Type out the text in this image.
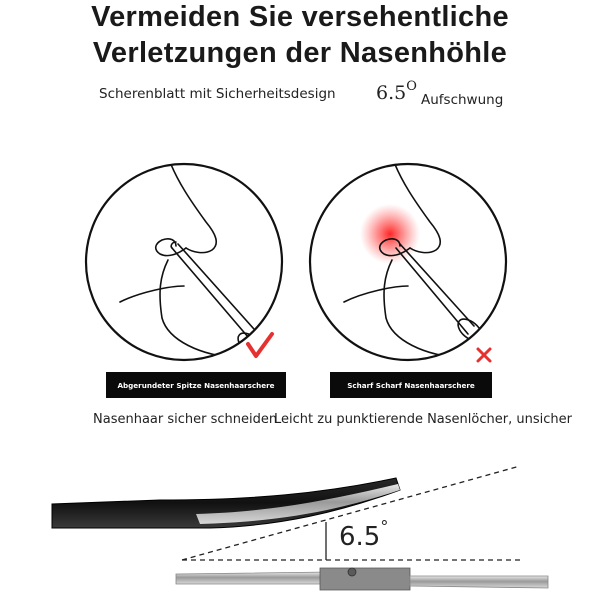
Vermeiden Sie versehentliche
Verletzungen der Nasenhöhle
Scherenblatt mit Sicherheitsdesign $6.5^O$
Aufschwung
Abgerundeter Spitze Nasenhaarschere	Scharf Scharf Nasenhaarschere
Nasenhaar sicher schneiden
Leicht zu punktierende Nasenlöcher, unsicher
6.5°
